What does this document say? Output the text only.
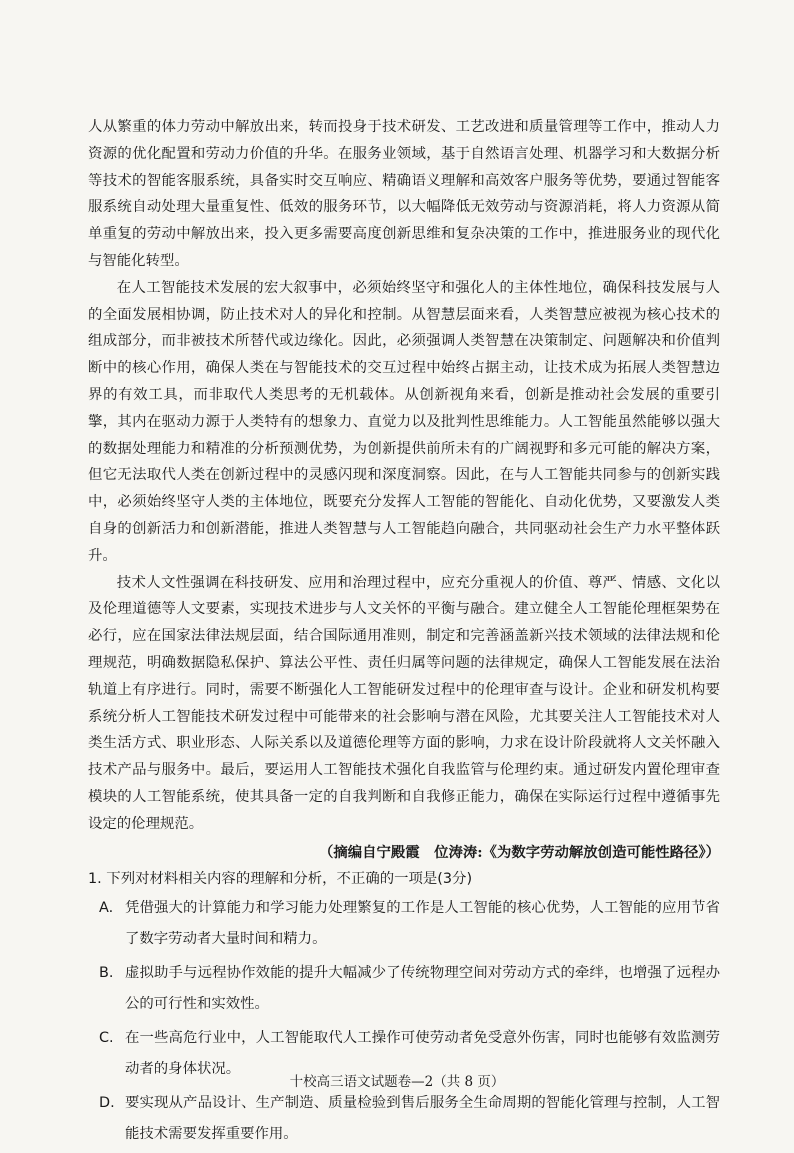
人从繁重的体力劳动中解放出来，转而投身于技术研发、工艺改进和质量管理等工作中，推动人力资源的优化配置和劳动力价值的升华。在服务业领域，基于自然语言处理、机器学习和大数据分析等技术的智能客服系统，具备实时交互响应、精确语义理解和高效客户服务等优势，要通过智能客服系统自动处理大量重复性、低效的服务环节，以大幅降低无效劳动与资源消耗，将人力资源从简单重复的劳动中解放出来，投入更多需要高度创新思维和复杂决策的工作中，推进服务业的现代化与智能化转型。

在人工智能技术发展的宏大叙事中，必须始终坚守和强化人的主体性地位，确保科技发展与人的全面发展相协调，防止技术对人的异化和控制。从智慧层面来看，人类智慧应被视为核心技术的组成部分，而非被技术所替代或边缘化。因此，必须强调人类智慧在决策制定、问题解决和价值判断中的核心作用，确保人类在与智能技术的交互过程中始终占据主动，让技术成为拓展人类智慧边界的有效工具，而非取代人类思考的无机载体。从创新视角来看，创新是推动社会发展的重要引擎，其内在驱动力源于人类特有的想象力、直觉力以及批判性思维能力。人工智能虽然能够以强大的数据处理能力和精准的分析预测优势，为创新提供前所未有的广阔视野和多元可能的解决方案，但它无法取代人类在创新过程中的灵感闪现和深度洞察。因此，在与人工智能共同参与的创新实践中，必须始终坚守人类的主体地位，既要充分发挥人工智能的智能化、自动化优势，又要激发人类自身的创新活力和创新潜能，推进人类智慧与人工智能趋向融合，共同驱动社会生产力水平整体跃升。

技术人文性强调在科技研发、应用和治理过程中，应充分重视人的价值、尊严、情感、文化以及伦理道德等人文要素，实现技术进步与人文关怀的平衡与融合。建立健全人工智能伦理框架势在必行，应在国家法律法规层面，结合国际通用准则，制定和完善涵盖新兴技术领域的法律法规和伦理规范，明确数据隐私保护、算法公平性、责任归属等问题的法律规定，确保人工智能发展在法治轨道上有序进行。同时，需要不断强化人工智能研发过程中的伦理审查与设计。企业和研发机构要系统分析人工智能技术研发过程中可能带来的社会影响与潜在风险，尤其要关注人工智能技术对人类生活方式、职业形态、人际关系以及道德伦理等方面的影响，力求在设计阶段就将人文关怀融入技术产品与服务中。最后，要运用人工智能技术强化自我监管与伦理约束。通过研发内置伦理审查模块的人工智能系统，使其具备一定的自我判断和自我修正能力，确保在实际运行过程中遵循事先设定的伦理规范。

（摘编自宁殿霞　位涛涛:《为数字劳动解放创造可能性路径》）

1. 下列对材料相关内容的理解和分析，不正确的一项是(3分)

A. 凭借强大的计算能力和学习能力处理繁复的工作是人工智能的核心优势，人工智能的应用节省了数字劳动者大量时间和精力。
B. 虚拟助手与远程协作效能的提升大幅减少了传统物理空间对劳动方式的牵绊，也增强了远程办公的可行性和实效性。
C. 在一些高危行业中，人工智能取代人工操作可使劳动者免受意外伤害，同时也能够有效监测劳动者的身体状况。
D. 要实现从产品设计、生产制造、质量检验到售后服务全生命周期的智能化管理与控制，人工智能技术需要发挥重要作用。
十校高三语文试题卷—2（共 8 页）
